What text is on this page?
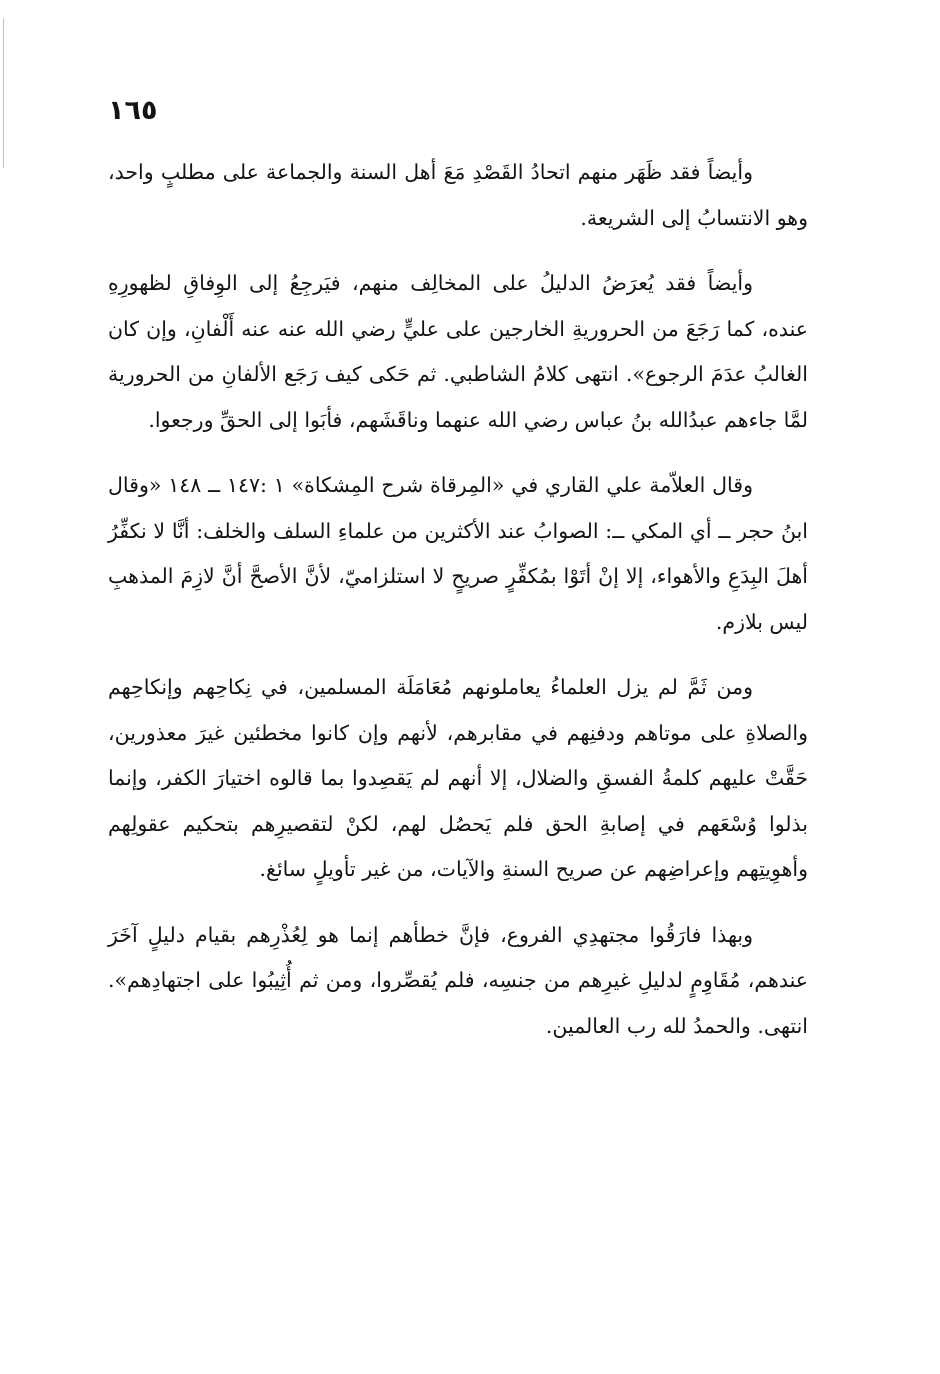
١٦٥

وأيضاً فقد ظَهَر منهم اتحادُ القَصْدِ مَعَ أهل السنة والجماعة على مطلبٍ واحد، وهو الانتسابُ إلى الشريعة.

وأيضاً فقد يُعرَضُ الدليلُ على المخالِف منهم، فيَرجِعُ إلى الوِفاقِ لظهورِهِ عنده، كما رَجَعَ من الحروريةِ الخارجين على عليٍّ رضي الله عنه عنه أَلْفانِ، وإن كان الغالبُ عدَمَ الرجوع». انتهى كلامُ الشاطبي. ثم حَكى كيف رَجَع الألفانِ من الحرورية لمَّا جاءهم عبدُالله بنُ عباس رضي الله عنهما وناقَشَهم، فأبَوا إلى الحقِّ ورجعوا.

وقال العلاّمة علي القاري في «المِرقاة شرح المِشكاة» ١ :١٤٧ ــ ١٤٨ «وقال ابنُ حجر ــ أي المكي ــ: الصوابُ عند الأكثرين من علماءِ السلف والخلف: أنَّا لا نكفِّرُ أهلَ البِدَعِ والأهواء، إلا إنْ أتَوْا بمُكفِّرٍ صريحٍ لا استلزاميّ، لأنَّ الأصحَّ أنَّ لازِمَ المذهبِ ليس بلازم.

ومن ثَمَّ لم يزل العلماءُ يعاملونهم مُعَامَلَة المسلمين، في نِكاحِهم وإنكاحِهم والصلاةِ على موتاهم ودفنِهم في مقابرهم، لأنهم وإن كانوا مخطئين غيرَ معذورين، حَقَّتْ عليهم كلمةُ الفسقِ والضلال، إلا أنهم لم يَقصِدوا بما قالوه اختيارَ الكفر، وإنما بذلوا وُسْعَهم في إصابةِ الحق فلم يَحصُل لهم، لكنْ لتقصيرِهم بتحكيم عقولِهم وأهوِيتِهم وإعراضِهم عن صريح السنةِ والآيات، من غير تأويلٍ سائغ.

وبهذا فارَقُوا مجتهدِي الفروع، فإنَّ خطأهم إنما هو لِعُذْرِهم بقيام دليلٍ آخَرَ عندهم، مُقَاوِمٍ لدليلِ غيرِهم من جنسِه، فلم يُقصِّروا، ومن ثم أُثِيبُوا على اجتهادِهم». انتهى. والحمدُ لله رب العالمين.
